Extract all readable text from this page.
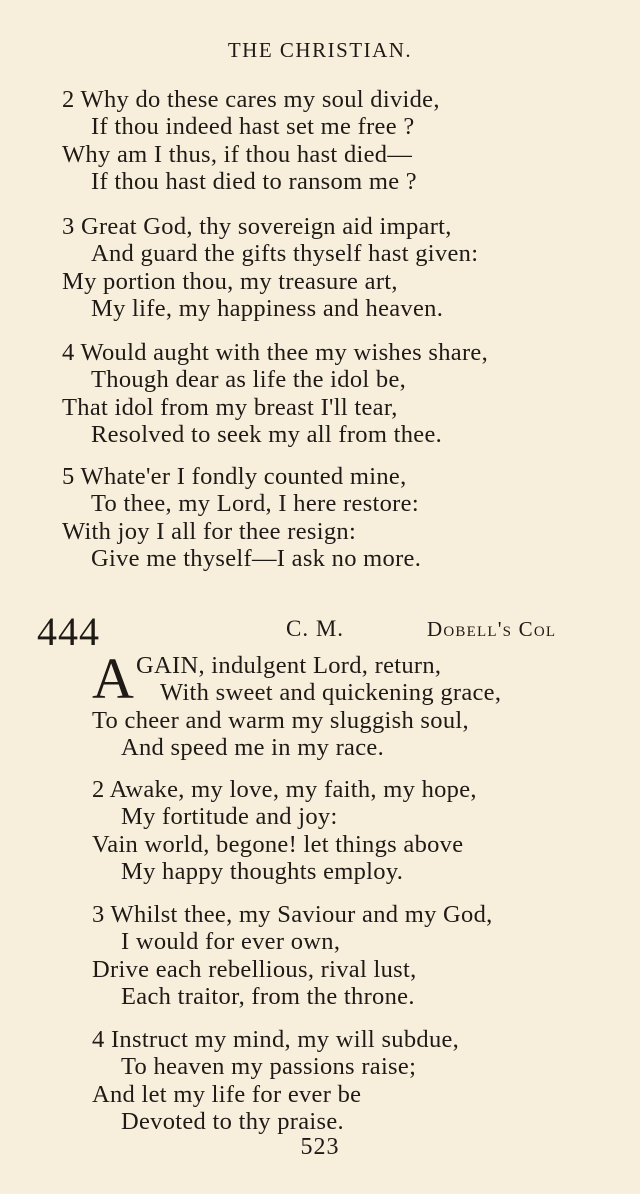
THE CHRISTIAN.
2 Why do these cares my soul divide,
If thou indeed hast set me free ?
Why am I thus, if thou hast died—
If thou hast died to ransom me ?
3 Great God, thy sovereign aid impart,
And guard the gifts thyself hast given:
My portion thou, my treasure art,
My life, my happiness and heaven.
4 Would aught with thee my wishes share,
Though dear as life the idol be,
That idol from my breast I'll tear,
Resolved to seek my all from thee.
5 Whate'er I fondly counted mine,
To thee, my Lord, I here restore:
With joy I all for thee resign:
Give me thyself—I ask no more.
444	C. M.	Dobell's Col
A GAIN, indulgent Lord, return,
With sweet and quickening grace,
To cheer and warm my sluggish soul,
And speed me in my race.
2 Awake, my love, my faith, my hope,
My fortitude and joy:
Vain world, begone! let things above
My happy thoughts employ.
3 Whilst thee, my Saviour and my God,
I would for ever own,
Drive each rebellious, rival lust,
Each traitor, from the throne.
4 Instruct my mind, my will subdue,
To heaven my passions raise;
And let my life for ever be
Devoted to thy praise.
523
